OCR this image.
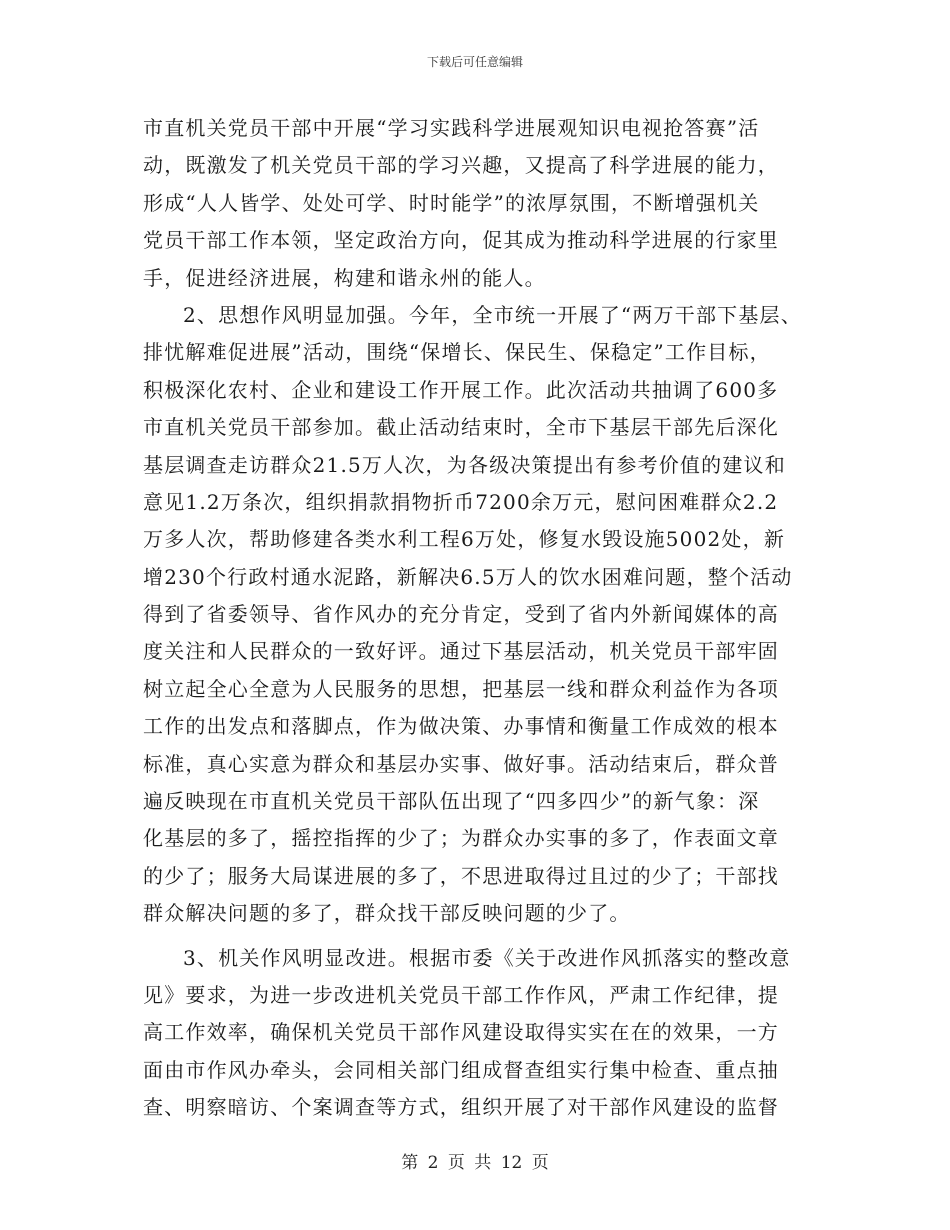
下载后可任意编辑
市直机关党员干部中开展“学习实践科学进展观知识电视抢答赛”活
动，既激发了机关党员干部的学习兴趣，又提高了科学进展的能力，
形成“人人皆学、处处可学、时时能学”的浓厚氛围，不断增强机关
党员干部工作本领，坚定政治方向，促其成为推动科学进展的行家里
手，促进经济进展，构建和谐永州的能人。
2、思想作风明显加强。今年，全市统一开展了“两万干部下基层、
排忧解难促进展”活动，围绕“保增长、保民生、保稳定”工作目标，
积极深化农村、企业和建设工作开展工作。此次活动共抽调了600多
市直机关党员干部参加。截止活动结束时，全市下基层干部先后深化
基层调查走访群众21.5万人次，为各级决策提出有参考价值的建议和
意见1.2万条次，组织捐款捐物折币7200余万元，慰问困难群众2.2
万多人次，帮助修建各类水利工程6万处，修复水毁设施5002处，新
增230个行政村通水泥路，新解决6.5万人的饮水困难问题，整个活动
得到了省委领导、省作风办的充分肯定，受到了省内外新闻媒体的高
度关注和人民群众的一致好评。通过下基层活动，机关党员干部牢固
树立起全心全意为人民服务的思想，把基层一线和群众利益作为各项
工作的出发点和落脚点，作为做决策、办事情和衡量工作成效的根本
标准，真心实意为群众和基层办实事、做好事。活动结束后，群众普
遍反映现在市直机关党员干部队伍出现了“四多四少”的新气象：深
化基层的多了，摇控指挥的少了；为群众办实事的多了，作表面文章
的少了；服务大局谋进展的多了，不思进取得过且过的少了；干部找
群众解决问题的多了，群众找干部反映问题的少了。
3、机关作风明显改进。根据市委《关于改进作风抓落实的整改意
见》要求，为进一步改进机关党员干部工作作风，严肃工作纪律，提
高工作效率，确保机关党员干部作风建设取得实实在在的效果，一方
面由市作风办牵头，会同相关部门组成督查组实行集中检查、重点抽
查、明察暗访、个案调查等方式，组织开展了对干部作风建设的监督
第 2 页 共 12 页
